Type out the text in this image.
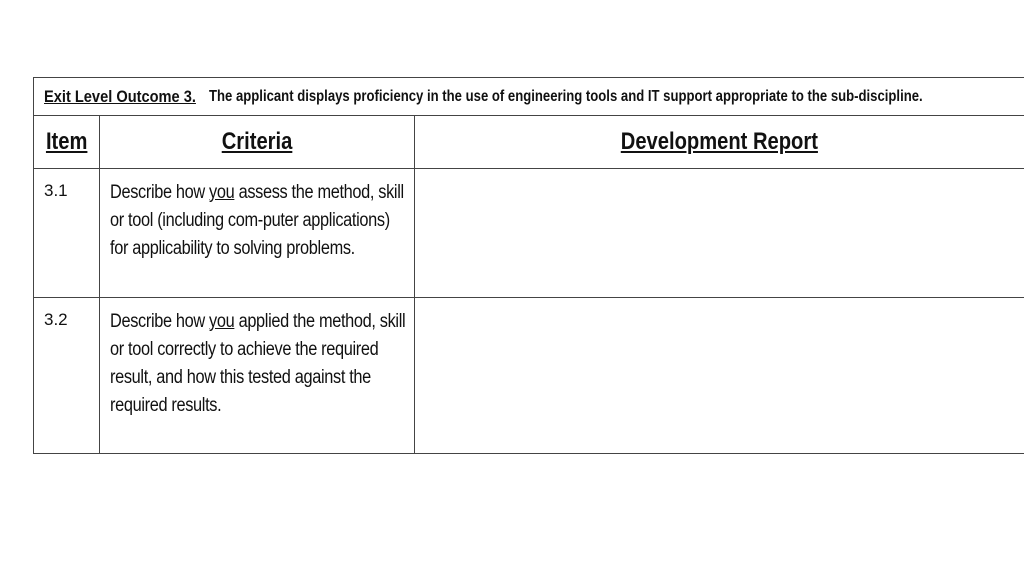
Exit Level Outcome 3. The applicant displays proficiency in the use of engineering tools and IT support appropriate to the sub-discipline.
Item	Criteria	Development Report
3.1	Describe how you assess the method, skill or tool (including com-puter applications) for applicability to solving problems.
3.2	Describe how you applied the method, skill or tool correctly to achieve the required result, and how this tested against the required results.
